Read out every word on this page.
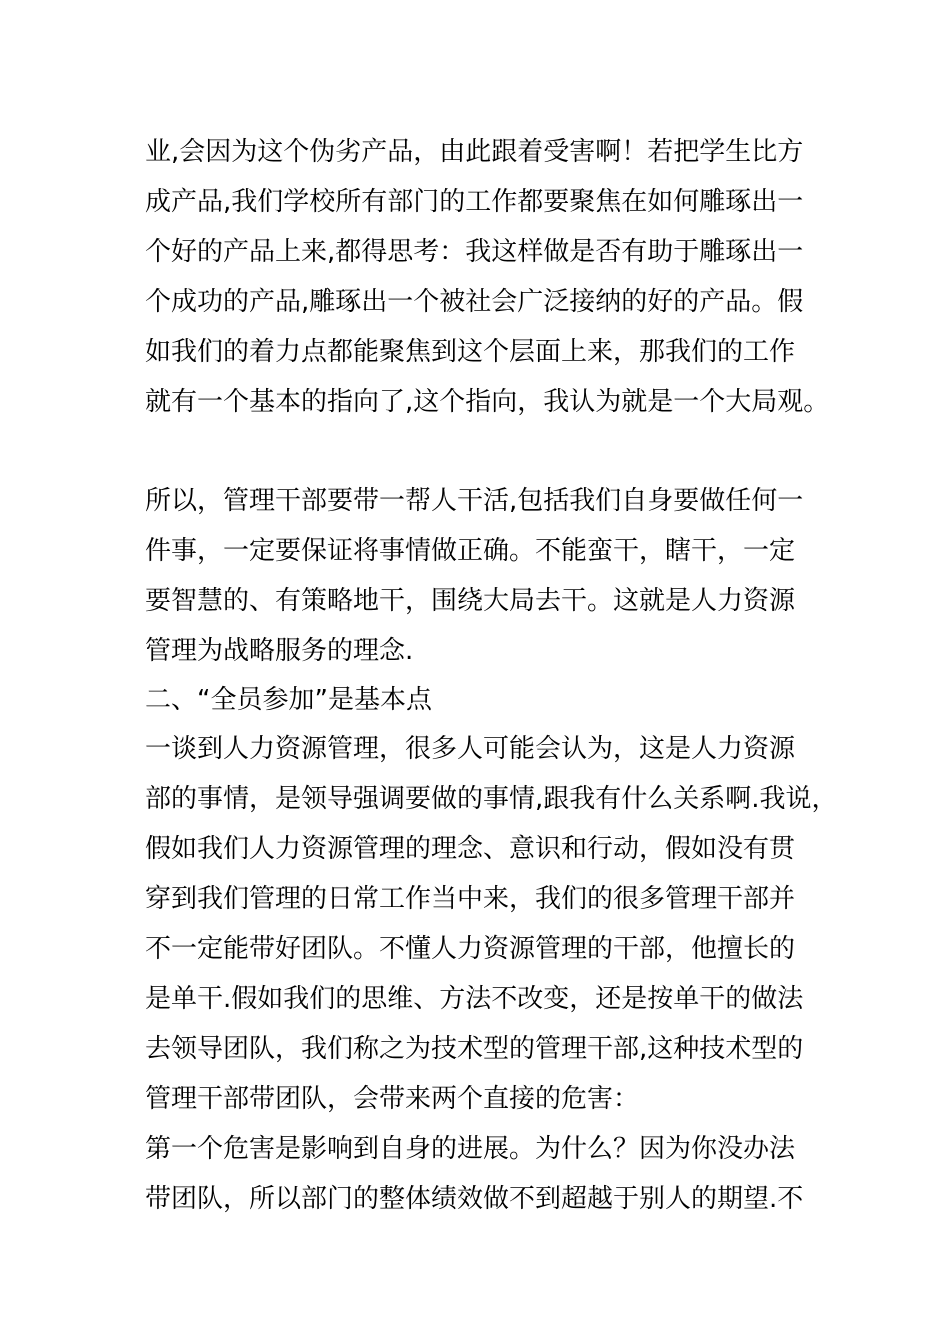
业,会因为这个伪劣产品，由此跟着受害啊！若把学生比方
成产品,我们学校所有部门的工作都要聚焦在如何雕琢出一
个好的产品上来,都得思考：我这样做是否有助于雕琢出一
个成功的产品,雕琢出一个被社会广泛接纳的好的产品。假
如我们的着力点都能聚焦到这个层面上来，那我们的工作
就有一个基本的指向了,这个指向，我认为就是一个大局观。
所以，管理干部要带一帮人干活,包括我们自身要做任何一
件事，一定要保证将事情做正确。不能蛮干，瞎干，一定
要智慧的、有策略地干，围绕大局去干。这就是人力资源
管理为战略服务的理念.
二、“全员参加”是基本点
一谈到人力资源管理，很多人可能会认为，这是人力资源
部的事情，是领导强调要做的事情,跟我有什么关系啊.我说，
假如我们人力资源管理的理念、意识和行动，假如没有贯
穿到我们管理的日常工作当中来，我们的很多管理干部并
不一定能带好团队。不懂人力资源管理的干部，他擅长的
是单干.假如我们的思维、方法不改变，还是按单干的做法
去领导团队，我们称之为技术型的管理干部,这种技术型的
管理干部带团队，会带来两个直接的危害：
第一个危害是影响到自身的进展。为什么？因为你没办法
带团队，所以部门的整体绩效做不到超越于别人的期望.不
